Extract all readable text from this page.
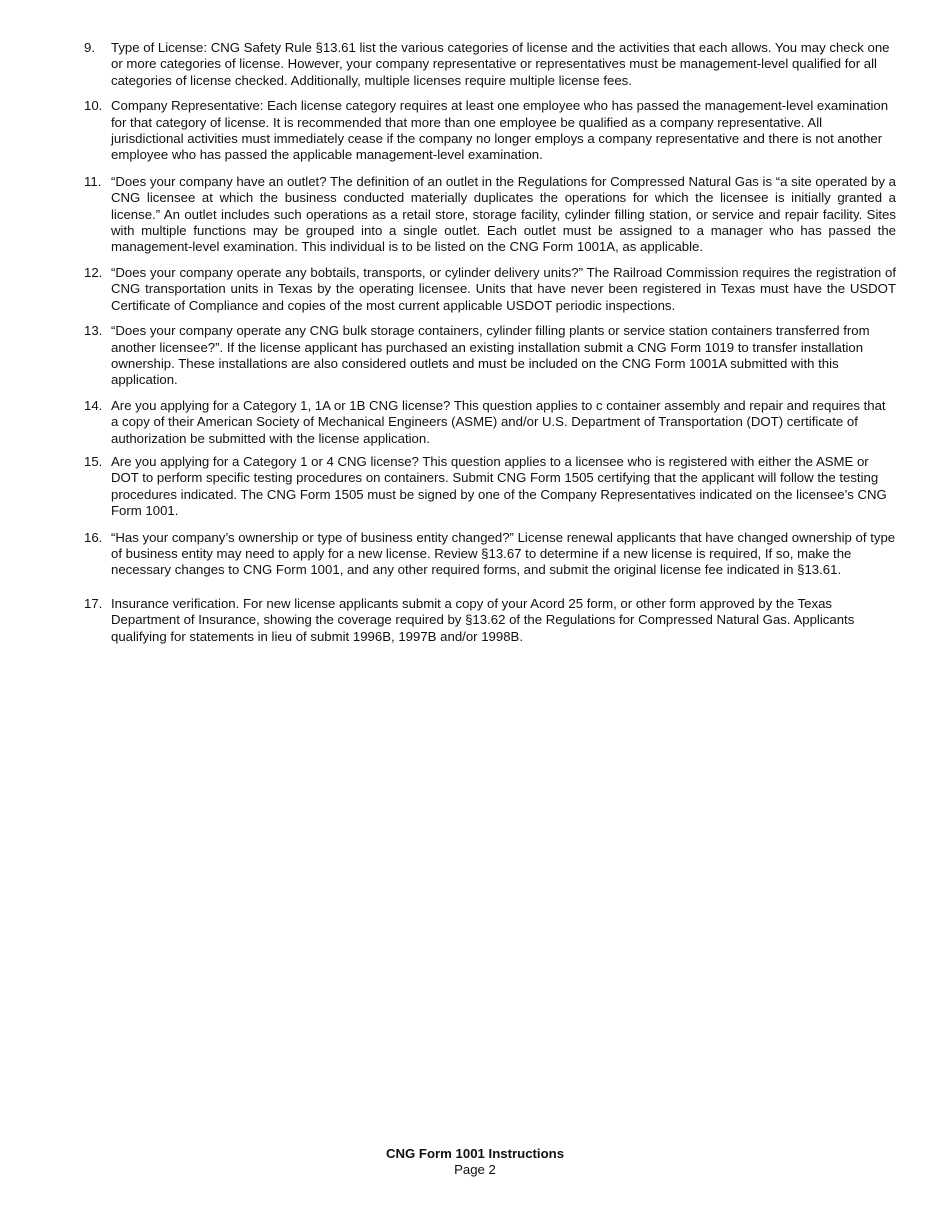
9.	Type of License: CNG Safety Rule §13.61 list the various categories of license and the activities that each allows. You may check one or more categories of license. However, your company representative or representatives must be management-level qualified for all categories of license checked. Additionally, multiple licenses require multiple license fees.
10. Company Representative: Each license category requires at least one employee who has passed the management-level examination for that category of license. It is recommended that more than one employee be qualified as a company representative. All jurisdictional activities must immediately cease if the company no longer employs a company representative and there is not another employee who has passed the applicable management-level examination.
11. “Does your company have an outlet? The definition of an outlet in the Regulations for Compressed Natural Gas is “a site operated by a CNG licensee at which the business conducted materially duplicates the operations for which the licensee is initially granted a license.” An outlet includes such operations as a retail store, storage facility, cylinder filling station, or service and repair facility. Sites with multiple functions may be grouped into a single outlet. Each outlet must be assigned to a manager who has passed the management-level examination. This individual is to be listed on the CNG Form 1001A, as applicable.
12. “Does your company operate any bobtails, transports, or cylinder delivery units?” The Railroad Commission requires the registration of CNG transportation units in Texas by the operating licensee. Units that have never been registered in Texas must have the USDOT Certificate of Compliance and copies of the most current applicable USDOT periodic inspections.
13. “Does your company operate any CNG bulk storage containers, cylinder filling plants or service station containers transferred from another licensee?”. If the license applicant has purchased an existing installation submit a CNG Form 1019 to transfer installation ownership. These installations are also considered outlets and must be included on the CNG Form 1001A submitted with this application.
14. Are you applying for a Category 1, 1A or 1B CNG license? This question applies to c container assembly and repair and requires that a copy of their American Society of Mechanical Engineers (ASME) and/or U.S. Department of Transportation (DOT) certificate of authorization be submitted with the license application.
15. Are you applying for a Category 1 or 4 CNG license? This question applies to a licensee who is registered with either the ASME or DOT to perform specific testing procedures on containers. Submit CNG Form 1505 certifying that the applicant will follow the testing procedures indicated. The CNG Form 1505 must be signed by one of the Company Representatives indicated on the licensee’s CNG Form 1001.
16. “Has your company’s ownership or type of business entity changed?” License renewal applicants that have changed ownership of type of business entity may need to apply for a new license. Review §13.67 to determine if a new license is required, If so, make the necessary changes to CNG Form 1001, and any other required forms, and submit the original license fee indicated in §13.61.
17. Insurance verification. For new license applicants submit a copy of your Acord 25 form, or other form approved by the Texas Department of Insurance, showing the coverage required by §13.62 of the Regulations for Compressed Natural Gas. Applicants qualifying for statements in lieu of submit 1996B, 1997B and/or 1998B.
CNG Form 1001 Instructions
Page 2
